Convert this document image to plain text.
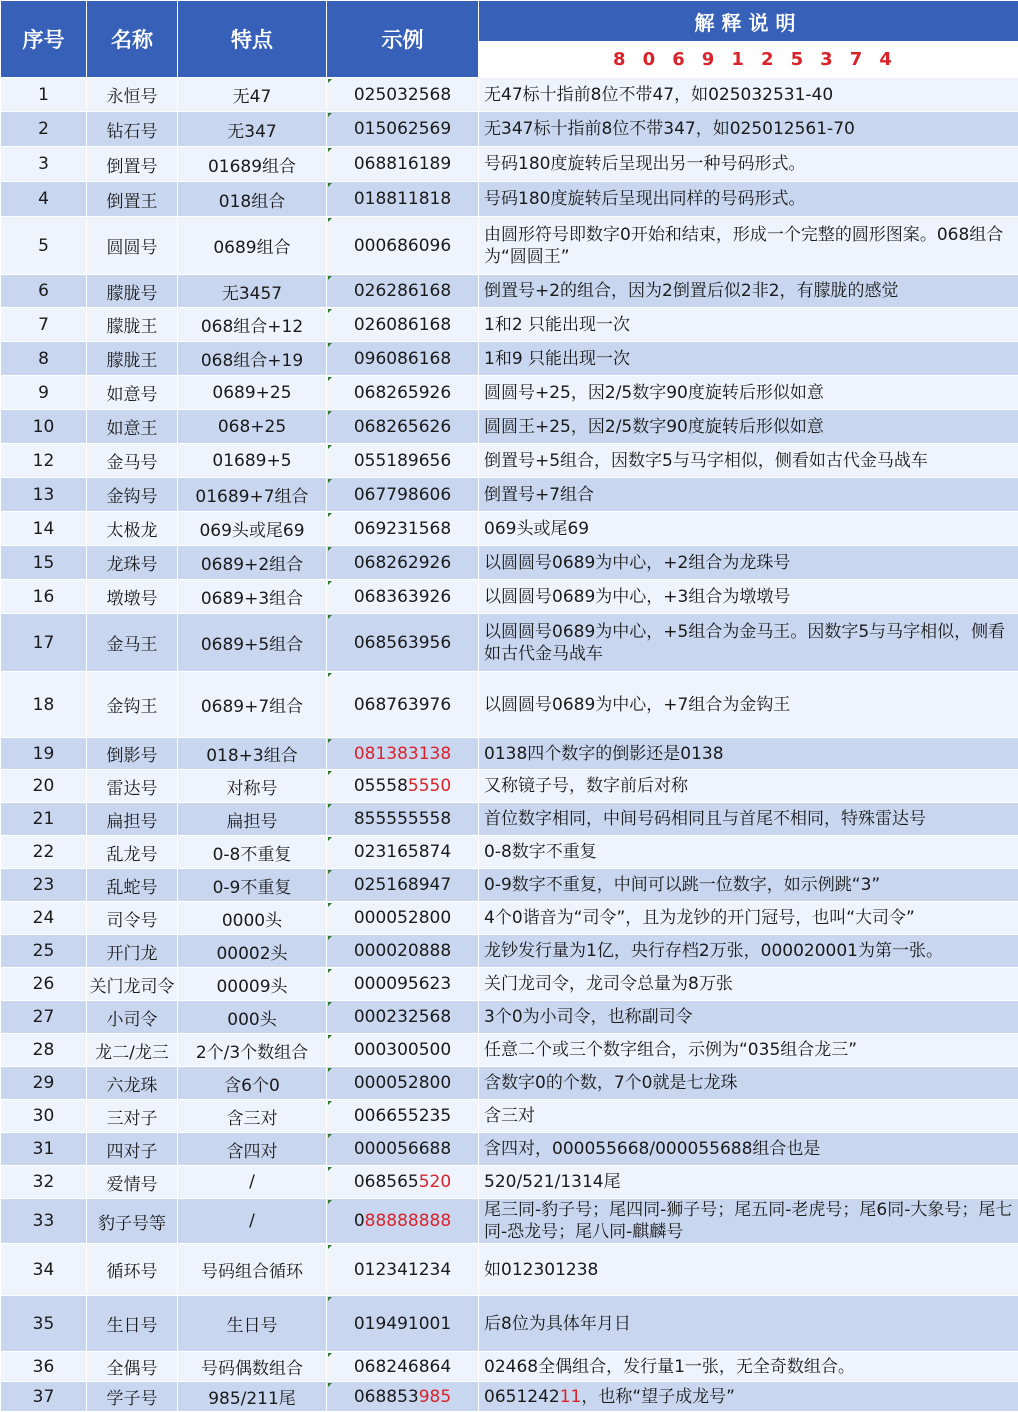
序号	名称	特点	示例	解释说明
				8 0 6 9 1 2 5 3 7 4
1	永恒号	无47	025032568	无47标十指前8位不带47，如025032531-40
2	钻石号	无347	015062569	无347标十指前8位不带347，如025012561-70
3	倒置号	01689组合	068816189	号码180度旋转后呈现出另一种号码形式。
4	倒置王	018组合	018811818	号码180度旋转后呈现出同样的号码形式。
5	圆圆号	0689组合	000686096	由圆形符号即数字0开始和结束，形成一个完整的圆形图案。068组合为“圆圆王”
6	朦胧号	无3457	026286168	倒置号+2的组合，因为2倒置后似2非2，有朦胧的感觉
7	朦胧王	068组合+12	026086168	1和2 只能出现一次
8	朦胧王	068组合+19	096086168	1和9 只能出现一次
9	如意号	0689+25	068265926	圆圆号+25，因2/5数字90度旋转后形似如意
10	如意王	068+25	068265626	圆圆王+25，因2/5数字90度旋转后形似如意
12	金马号	01689+5	055189656	倒置号+5组合，因数字5与马字相似，侧看如古代金马战车
13	金钩号	01689+7组合	067798606	倒置号+7组合
14	太极龙	069头或尾69	069231568	069头或尾69
15	龙珠号	0689+2组合	068262926	以圆圆号0689为中心，+2组合为龙珠号
16	墩墩号	0689+3组合	068363926	以圆圆号0689为中心，+3组合为墩墩号
17	金马王	0689+5组合	068563956	以圆圆号0689为中心，+5组合为金马王。因数字5与马字相似，侧看如古代金马战车
18	金钩王	0689+7组合	068763976	以圆圆号0689为中心，+7组合为金钩王
19	倒影号	018+3组合	081383138	0138四个数字的倒影还是0138
20	雷达号	对称号	055585550	又称镜子号，数字前后对称
21	扁担号	扁担号	855555558	首位数字相同，中间号码相同且与首尾不相同，特殊雷达号
22	乱龙号	0-8不重复	023165874	0-8数字不重复
23	乱蛇号	0-9不重复	025168947	0-9数字不重复，中间可以跳一位数字，如示例跳“3”
24	司令号	0000头	000052800	4个0谐音为“司令”，且为龙钞的开门冠号，也叫“大司令”
25	开门龙	00002头	000020888	龙钞发行量为1亿，央行存档2万张，000020001为第一张。
26	关门龙司令	00009头	000095623	关门龙司令，龙司令总量为8万张
27	小司令	000头	000232568	3个0为小司令，也称副司令
28	龙二/龙三	2个/3个数组合	000300500	任意二个或三个数字组合，示例为“035组合龙三”
29	六龙珠	含6个0	000052800	含数字0的个数，7个0就是七龙珠
30	三对子	含三对	006655235	含三对
31	四对子	含四对	000056688	含四对，000055668/000055688组合也是
32	爱情号	/	068565520	520/521/1314尾
33	豹子号等	/	088888888	尾三同-豹子号；尾四同-狮子号；尾五同-老虎号；尾6同-大象号；尾七同-恐龙号；尾八同-麒麟号
34	循环号	号码组合循环	012341234	如012301238
35	生日号	生日号	019491001	后8位为具体年月日
36	全偶号	号码偶数组合	068246864	02468全偶组合，发行量1一张，无全奇数组合。
37	学子号	985/211尾	068853985	065124211，也称“望子成龙号”
